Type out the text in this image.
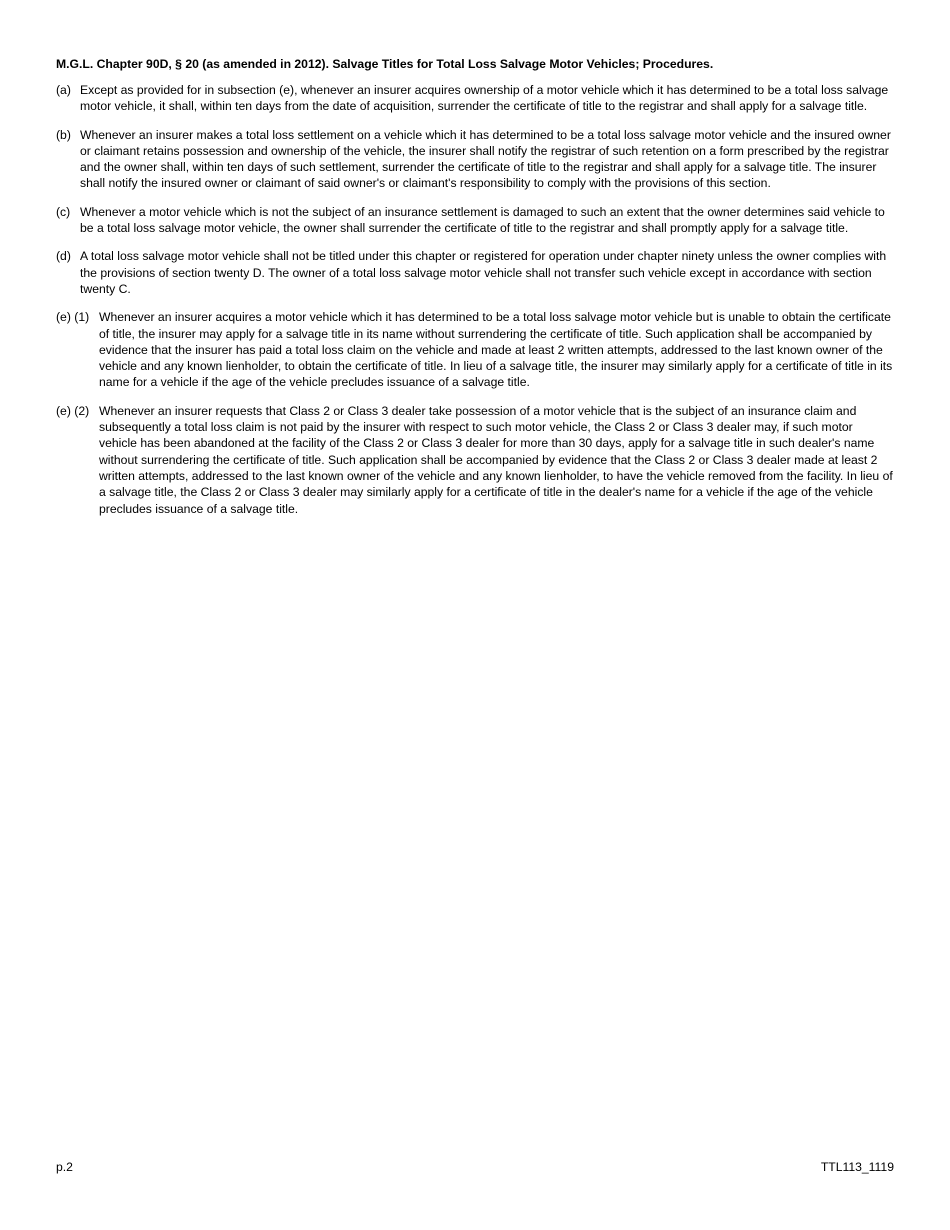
M.G.L. Chapter 90D, § 20 (as amended in 2012). Salvage Titles for Total Loss Salvage Motor Vehicles; Procedures.
(a) Except as provided for in subsection (e), whenever an insurer acquires ownership of a motor vehicle which it has determined to be a total loss salvage motor vehicle, it shall, within ten days from the date of acquisition, surrender the certificate of title to the registrar and shall apply for a salvage title.
(b) Whenever an insurer makes a total loss settlement on a vehicle which it has determined to be a total loss salvage motor vehicle and the insured owner or claimant retains possession and ownership of the vehicle, the insurer shall notify the registrar of such retention on a form prescribed by the registrar and the owner shall, within ten days of such settlement, surrender the certificate of title to the registrar and shall apply for a salvage title. The insurer shall notify the insured owner or claimant of said owner's or claimant's responsibility to comply with the provisions of this section.
(c) Whenever a motor vehicle which is not the subject of an insurance settlement is damaged to such an extent that the owner determines said vehicle to be a total loss salvage motor vehicle, the owner shall surrender the certificate of title to the registrar and shall promptly apply for a salvage title.
(d) A total loss salvage motor vehicle shall not be titled under this chapter or registered for operation under chapter ninety unless the owner complies with the provisions of section twenty D. The owner of a total loss salvage motor vehicle shall not transfer such vehicle except in accordance with section twenty C.
(e) (1) Whenever an insurer acquires a motor vehicle which it has determined to be a total loss salvage motor vehicle but is unable to obtain the certificate of title, the insurer may apply for a salvage title in its name without surrendering the certificate of title. Such application shall be accompanied by evidence that the insurer has paid a total loss claim on the vehicle and made at least 2 written attempts, addressed to the last known owner of the vehicle and any known lienholder, to obtain the certificate of title. In lieu of a salvage title, the insurer may similarly apply for a certificate of title in its name for a vehicle if the age of the vehicle precludes issuance of a salvage title.
(e) (2) Whenever an insurer requests that Class 2 or Class 3 dealer take possession of a motor vehicle that is the subject of an insurance claim and subsequently a total loss claim is not paid by the insurer with respect to such motor vehicle, the Class 2 or Class 3 dealer may, if such motor vehicle has been abandoned at the facility of the Class 2 or Class 3 dealer for more than 30 days, apply for a salvage title in such dealer's name without surrendering the certificate of title. Such application shall be accompanied by evidence that the Class 2 or Class 3 dealer made at least 2 written attempts, addressed to the last known owner of the vehicle and any known lienholder, to have the vehicle removed from the facility. In lieu of a salvage title, the Class 2 or Class 3 dealer may similarly apply for a certificate of title in the dealer's name for a vehicle if the age of the vehicle precludes issuance of a salvage title.
p.2	TTL113_1119
